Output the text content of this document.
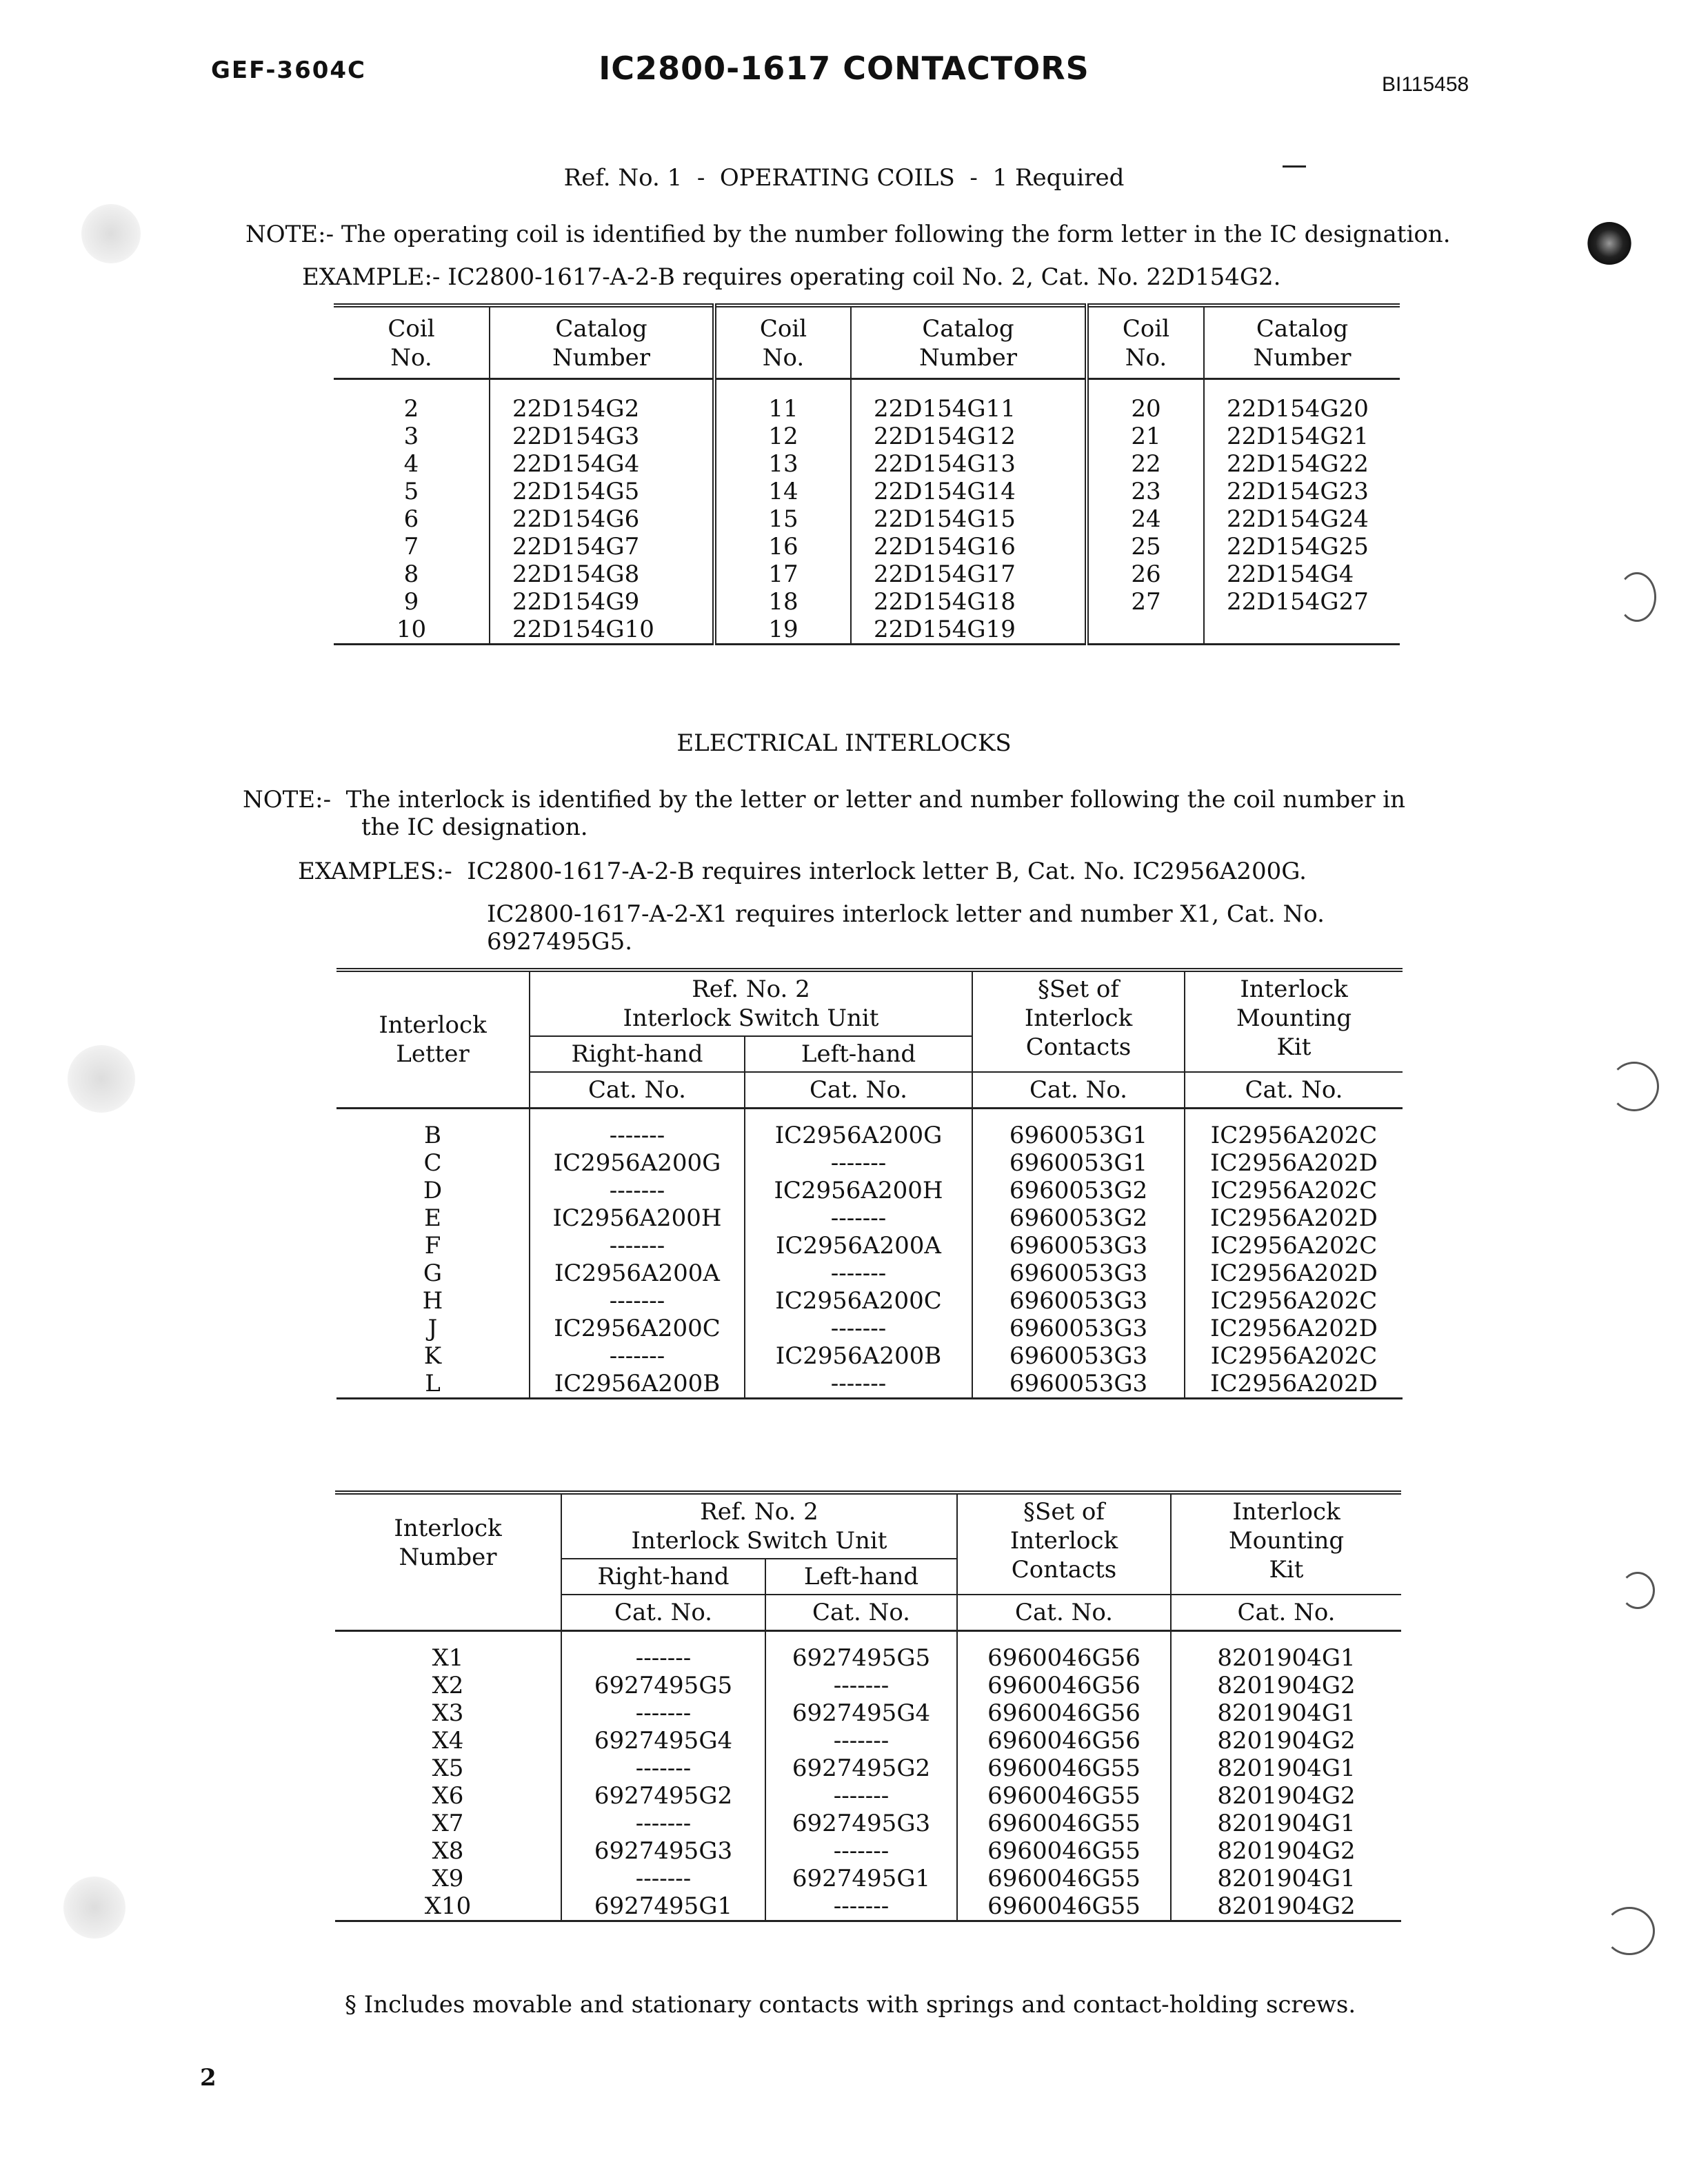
GEF-3604C	IC2800-1617 CONTACTORS	BI115458
Ref. No. 1  -  OPERATING COILS  -  1 Required
NOTE:- The operating coil is identified by the number following the form letter in the IC designation.
EXAMPLE:- IC2800-1617-A-2-B requires operating coil No. 2, Cat. No. 22D154G2.
Coil
No.	Catalog
Number	Coil
No.	Catalog
Number	Coil
No.	Catalog
Number
2	22D154G2	11	22D154G11	20	22D154G20
3	22D154G3	12	22D154G12	21	22D154G21
4	22D154G4	13	22D154G13	22	22D154G22
5	22D154G5	14	22D154G14	23	22D154G23
6	22D154G6	15	22D154G15	24	22D154G24
7	22D154G7	16	22D154G16	25	22D154G25
8	22D154G8	17	22D154G17	26	22D154G4
9	22D154G9	18	22D154G18	27	22D154G27
10	22D154G10	19	22D154G19		
ELECTRICAL INTERLOCKS
NOTE:-  The interlock is identified by the letter or letter and number following the coil number in
the IC designation.
EXAMPLES:-  IC2800-1617-A-2-B requires interlock letter B, Cat. No. IC2956A200G.
IC2800-1617-A-2-X1 requires interlock letter and number X1, Cat. No.
6927495G5.
Interlock
Letter	Ref. No. 2
Interlock Switch Unit		§Set of
Interlock
Contacts	Interlock
Mounting
Kit
	Right-hand	Left-hand		
	Cat. No.	Cat. No.	Cat. No.	Cat. No.
B	-------	IC2956A200G	6960053G1	IC2956A202C
C	IC2956A200G	-------	6960053G1	IC2956A202D
D	-------	IC2956A200H	6960053G2	IC2956A202C
E	IC2956A200H	-------	6960053G2	IC2956A202D
F	-------	IC2956A200A	6960053G3	IC2956A202C
G	IC2956A200A	-------	6960053G3	IC2956A202D
H	-------	IC2956A200C	6960053G3	IC2956A202C
J	IC2956A200C	-------	6960053G3	IC2956A202D
K	-------	IC2956A200B	6960053G3	IC2956A202C
L	IC2956A200B	-------	6960053G3	IC2956A202D
Interlock
Number	Ref. No. 2
Interlock Switch Unit		§Set of
Interlock
Contacts	Interlock
Mounting
Kit
	Right-hand	Left-hand		
	Cat. No.	Cat. No.	Cat. No.	Cat. No.
X1	-------	6927495G5	6960046G56	8201904G1
X2	6927495G5	-------	6960046G56	8201904G2
X3	-------	6927495G4	6960046G56	8201904G1
X4	6927495G4	-------	6960046G56	8201904G2
X5	-------	6927495G2	6960046G55	8201904G1
X6	6927495G2	-------	6960046G55	8201904G2
X7	-------	6927495G3	6960046G55	8201904G1
X8	6927495G3	-------	6960046G55	8201904G2
X9	-------	6927495G1	6960046G55	8201904G1
X10	6927495G1	-------	6960046G55	8201904G2
§ Includes movable and stationary contacts with springs and contact-holding screws.
2
